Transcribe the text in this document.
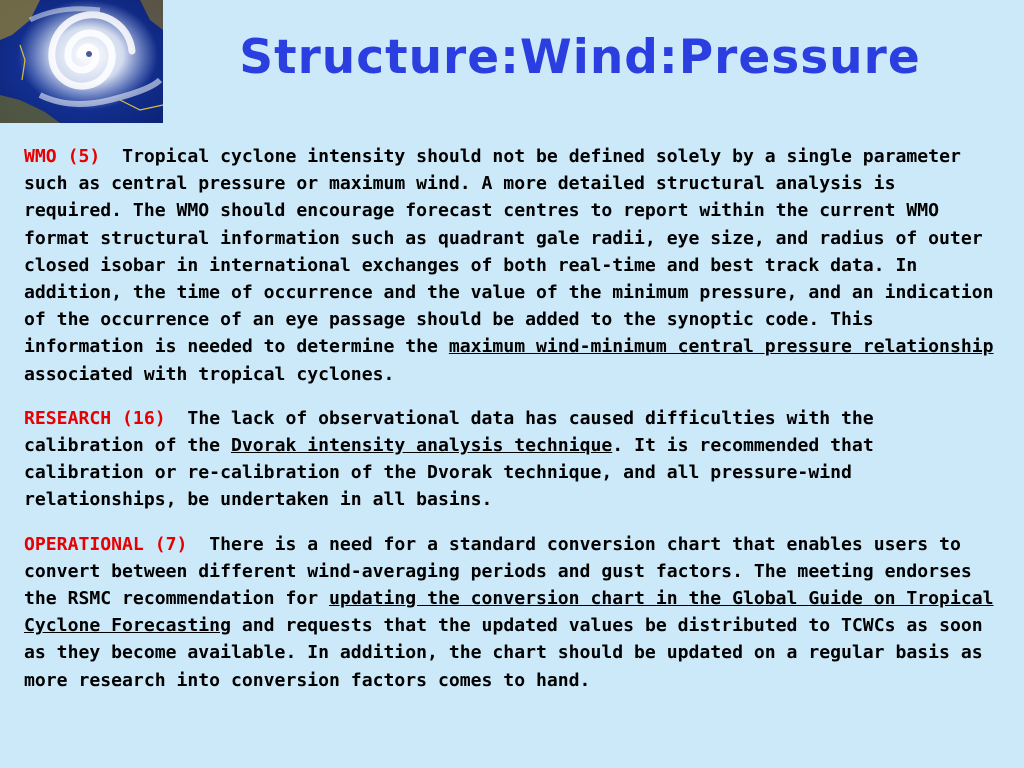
Structure:Wind:Pressure

WMO (5) Tropical cyclone intensity should not be defined solely by a single parameter such as central pressure or maximum wind. A more detailed structural analysis is required. The WMO should encourage forecast centres to report within the current WMO format structural information such as quadrant gale radii, eye size, and radius of outer closed isobar in international exchanges of both real-time and best track data. In addition, the time of occurrence and the value of the minimum pressure, and an indication of the occurrence of an eye passage should be added to the synoptic code. This information is needed to determine the maximum wind-minimum central pressure relationship associated with tropical cyclones.

RESEARCH (16) The lack of observational data has caused difficulties with the calibration of the Dvorak intensity analysis technique. It is recommended that calibration or re-calibration of the Dvorak technique, and all pressure-wind relationships, be undertaken in all basins.

OPERATIONAL (7) There is a need for a standard conversion chart that enables users to convert between different wind-averaging periods and gust factors. The meeting endorses the RSMC recommendation for updating the conversion chart in the Global Guide on Tropical Cyclone Forecasting and requests that the updated values be distributed to TCWCs as soon as they become available. In addition, the chart should be updated on a regular basis as more research into conversion factors comes to hand.
